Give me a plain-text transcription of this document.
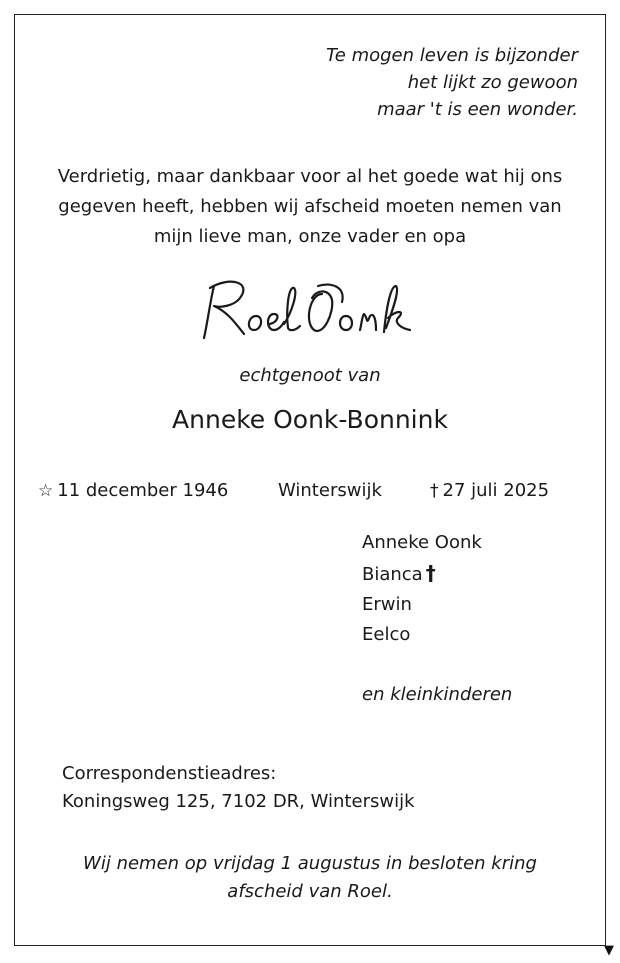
▼
Te mogen leven is bijzonder
het lijkt zo gewoon
maar 't is een wonder.
Verdrietig, maar dankbaar voor al het goede wat hij ons
gegeven heeft, hebben wij afscheid moeten nemen van
mijn lieve man, onze vader en opa
echtgenoot van
Anneke Oonk-Bonnink
☆ 11 december 1946	Winterswijk	† 27 juli 2025
Anneke Oonk
Bianca †
Erwin
Eelco
en kleinkinderen
Correspondenstieadres:
Koningsweg 125, 7102 DR, Winterswijk
Wij nemen op vrijdag 1 augustus in besloten kring
afscheid van Roel.
